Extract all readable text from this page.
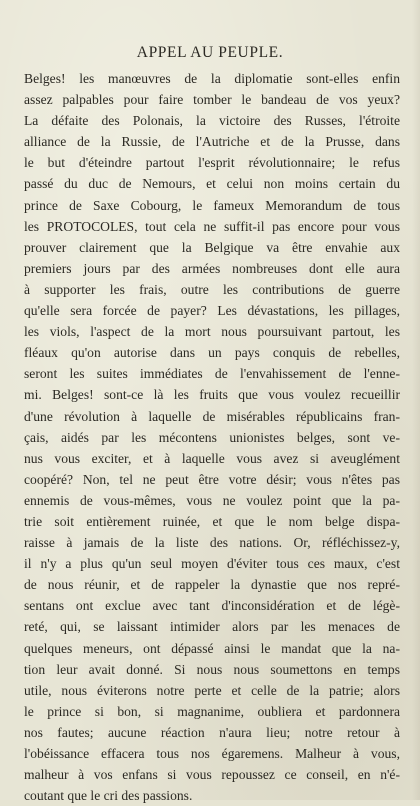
APPEL AU PEUPLE.
Belges! les manœuvres de la diplomatie sont-elles enfin
assez palpables pour faire tomber le bandeau de vos yeux?
La défaite des Polonais, la victoire des Russes, l'étroite
alliance de la Russie, de l'Autriche et de la Prusse, dans
le but d'éteindre partout l'esprit révolutionnaire; le refus
passé du duc de Nemours, et celui non moins certain du
prince de Saxe Cobourg, le fameux Memorandum de tous
les PROTOCOLES, tout cela ne suffit-il pas encore pour vous
prouver clairement que la Belgique va être envahie aux
premiers jours par des armées nombreuses dont elle aura
à supporter les frais, outre les contributions de guerre
qu'elle sera forcée de payer? Les dévastations, les pillages,
les viols, l'aspect de la mort nous poursuivant partout, les
fléaux qu'on autorise dans un pays conquis de rebelles,
seront les suites immédiates de l'envahissement de l'enne-
mi. Belges! sont-ce là les fruits que vous voulez recueillir
d'une révolution à laquelle de misérables républicains fran-
çais, aidés par les mécontens unionistes belges, sont ve-
nus vous exciter, et à laquelle vous avez si aveuglément
coopéré? Non, tel ne peut être votre désir; vous n'êtes pas
ennemis de vous-mêmes, vous ne voulez point que la pa-
trie soit entièrement ruinée, et que le nom belge dispa-
raisse à jamais de la liste des nations. Or, réfléchissez-y,
il n'y a plus qu'un seul moyen d'éviter tous ces maux, c'est
de nous réunir, et de rappeler la dynastie que nos repré-
sentans ont exclue avec tant d'inconsidération et de légè-
reté, qui, se laissant intimider alors par les menaces de
quelques meneurs, ont dépassé ainsi le mandat que la na-
tion leur avait donné. Si nous nous soumettons en temps
utile, nous éviterons notre perte et celle de la patrie; alors
le prince si bon, si magnanime, oubliera et pardonnera
nos fautes; aucune réaction n'aura lieu; notre retour à
l'obéissance effacera tous nos égaremens. Malheur à vous,
malheur à vos enfans si vous repoussez ce conseil, en n'é-
coutant que le cri des passions.
